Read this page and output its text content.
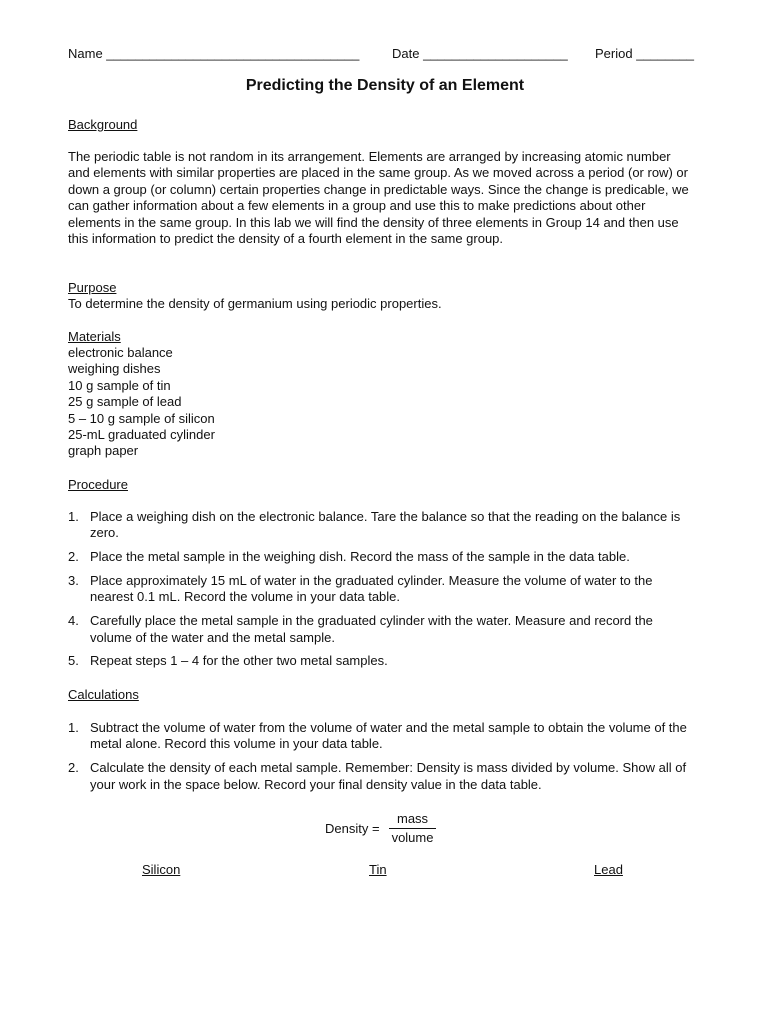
Name ___________________________________	Date ____________________ Period ________
Predicting the Density of an Element
Background
The periodic table is not random in its arrangement. Elements are arranged by increasing atomic number and elements with similar properties are placed in the same group. As we moved across a period (or row) or down a group (or column) certain properties change in predictable ways. Since the change is predicable, we can gather information about a few elements in a group and use this to make predictions about other elements in the same group. In this lab we will find the density of three elements in Group 14 and then use this information to predict the density of a fourth element in the same group.
Purpose
To determine the density of germanium using periodic properties.
Materials
electronic balance
weighing dishes
10 g sample of tin
25 g sample of lead
5 – 10 g sample of silicon
25-mL graduated cylinder
graph paper
Procedure
1. Place a weighing dish on the electronic balance. Tare the balance so that the reading on the balance is zero.
2. Place the metal sample in the weighing dish. Record the mass of the sample in the data table.
3. Place approximately 15 mL of water in the graduated cylinder. Measure the volume of water to the nearest 0.1 mL. Record the volume in your data table.
4. Carefully place the metal sample in the graduated cylinder with the water. Measure and record the volume of the water and the metal sample.
5. Repeat steps 1 – 4 for the other two metal samples.
Calculations
1. Subtract the volume of water from the volume of water and the metal sample to obtain the volume of the metal alone. Record this volume in your data table.
2. Calculate the density of each metal sample. Remember: Density is mass divided by volume. Show all of your work in the space below. Record your final density value in the data table.
Density = $\frac{\text{mass}}{\text{volume}}$
Silicon	Tin	Lead
